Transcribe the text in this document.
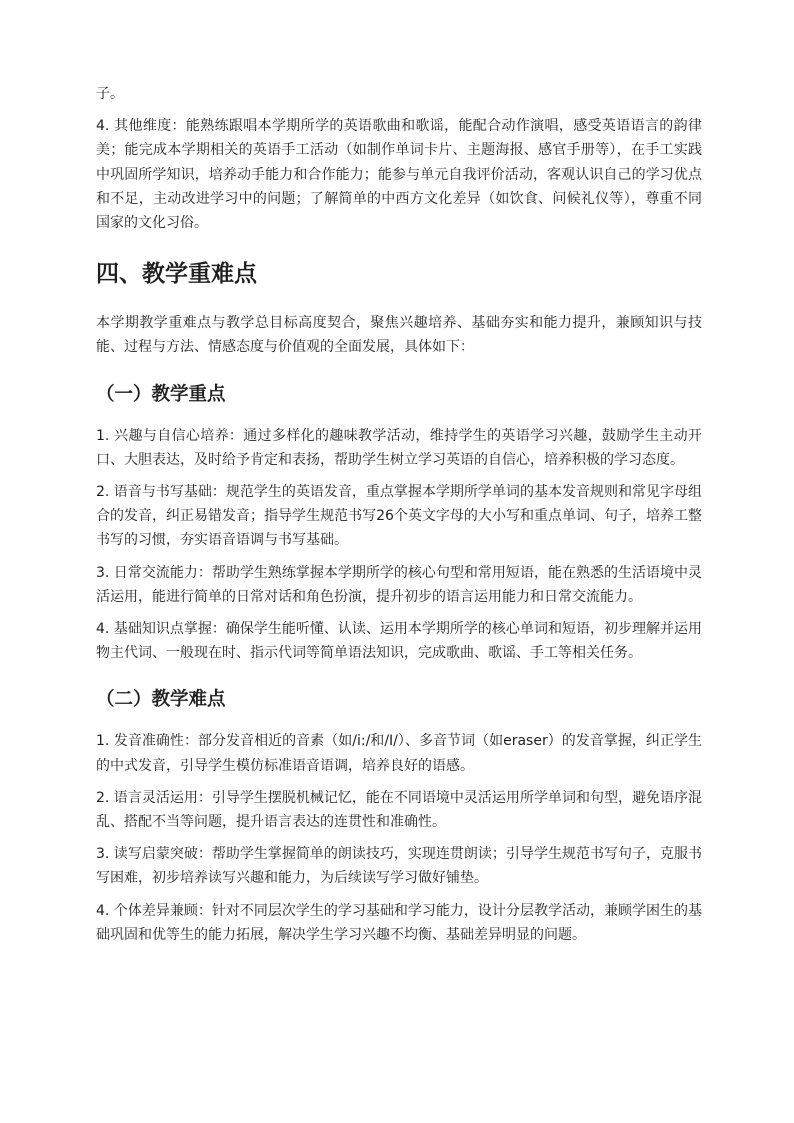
子。

4. 其他维度：能熟练跟唱本学期所学的英语歌曲和歌谣，能配合动作演唱，感受英语语言的韵律美；能完成本学期相关的英语手工活动（如制作单词卡片、主题海报、感官手册等），在手工实践中巩固所学知识，培养动手能力和合作能力；能参与单元自我评价活动，客观认识自己的学习优点和不足，主动改进学习中的问题；了解简单的中西方文化差异（如饮食、问候礼仪等），尊重不同国家的文化习俗。

四、教学重难点

本学期教学重难点与教学总目标高度契合，聚焦兴趣培养、基础夯实和能力提升，兼顾知识与技能、过程与方法、情感态度与价值观的全面发展，具体如下：

（一）教学重点

1. 兴趣与自信心培养：通过多样化的趣味教学活动，维持学生的英语学习兴趣，鼓励学生主动开口、大胆表达，及时给予肯定和表扬，帮助学生树立学习英语的自信心，培养积极的学习态度。

2. 语音与书写基础：规范学生的英语发音，重点掌握本学期所学单词的基本发音规则和常见字母组合的发音，纠正易错发音；指导学生规范书写26个英文字母的大小写和重点单词、句子，培养工整书写的习惯，夯实语音语调与书写基础。

3. 日常交流能力：帮助学生熟练掌握本学期所学的核心句型和常用短语，能在熟悉的生活语境中灵活运用，能进行简单的日常对话和角色扮演，提升初步的语言运用能力和日常交流能力。

4. 基础知识点掌握：确保学生能听懂、认读、运用本学期所学的核心单词和短语，初步理解并运用物主代词、一般现在时、指示代词等简单语法知识，完成歌曲、歌谣、手工等相关任务。

（二）教学难点

1. 发音准确性：部分发音相近的音素（如/i:/和/I/）、多音节词（如eraser）的发音掌握，纠正学生的中式发音，引导学生模仿标准语音语调，培养良好的语感。

2. 语言灵活运用：引导学生摆脱机械记忆，能在不同语境中灵活运用所学单词和句型，避免语序混乱、搭配不当等问题，提升语言表达的连贯性和准确性。

3. 读写启蒙突破：帮助学生掌握简单的朗读技巧，实现连贯朗读；引导学生规范书写句子，克服书写困难，初步培养读写兴趣和能力，为后续读写学习做好铺垫。

4. 个体差异兼顾：针对不同层次学生的学习基础和学习能力，设计分层教学活动，兼顾学困生的基础巩固和优等生的能力拓展，解决学生学习兴趣不均衡、基础差异明显的问题。
